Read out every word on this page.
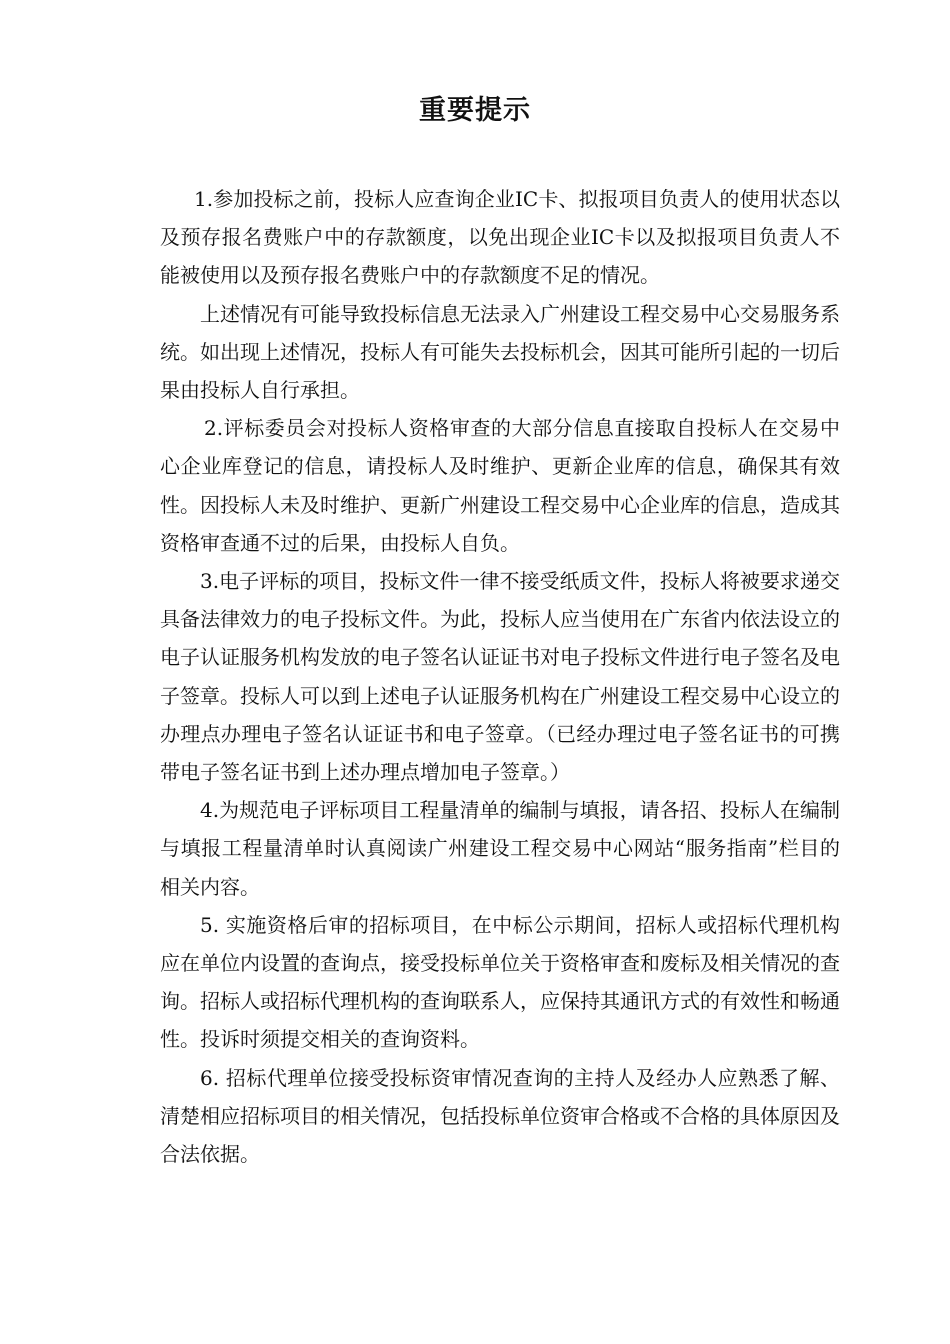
重要提示

1.参加投标之前，投标人应查询企业IC卡、拟报项目负责人的使用状态以及预存报名费账户中的存款额度，以免出现企业IC卡以及拟报项目负责人不能被使用以及预存报名费账户中的存款额度不足的情况。

上述情况有可能导致投标信息无法录入广州建设工程交易中心交易服务系统。如出现上述情况，投标人有可能失去投标机会，因其可能所引起的一切后果由投标人自行承担。

2.评标委员会对投标人资格审查的大部分信息直接取自投标人在交易中心企业库登记的信息，请投标人及时维护、更新企业库的信息，确保其有效性。因投标人未及时维护、更新广州建设工程交易中心企业库的信息，造成其资格审查通不过的后果，由投标人自负。

3.电子评标的项目，投标文件一律不接受纸质文件，投标人将被要求递交具备法律效力的电子投标文件。为此，投标人应当使用在广东省内依法设立的电子认证服务机构发放的电子签名认证证书对电子投标文件进行电子签名及电子签章。投标人可以到上述电子认证服务机构在广州建设工程交易中心设立的办理点办理电子签名认证证书和电子签章。（已经办理过电子签名证书的可携带电子签名证书到上述办理点增加电子签章。）

4.为规范电子评标项目工程量清单的编制与填报，请各招、投标人在编制与填报工程量清单时认真阅读广州建设工程交易中心网站“服务指南”栏目的相关内容。

5. 实施资格后审的招标项目，在中标公示期间，招标人或招标代理机构应在单位内设置的查询点，接受投标单位关于资格审查和废标及相关情况的查询。招标人或招标代理机构的查询联系人，应保持其通讯方式的有效性和畅通性。投诉时须提交相关的查询资料。

6. 招标代理单位接受投标资审情况查询的主持人及经办人应熟悉了解、清楚相应招标项目的相关情况，包括投标单位资审合格或不合格的具体原因及合法依据。
